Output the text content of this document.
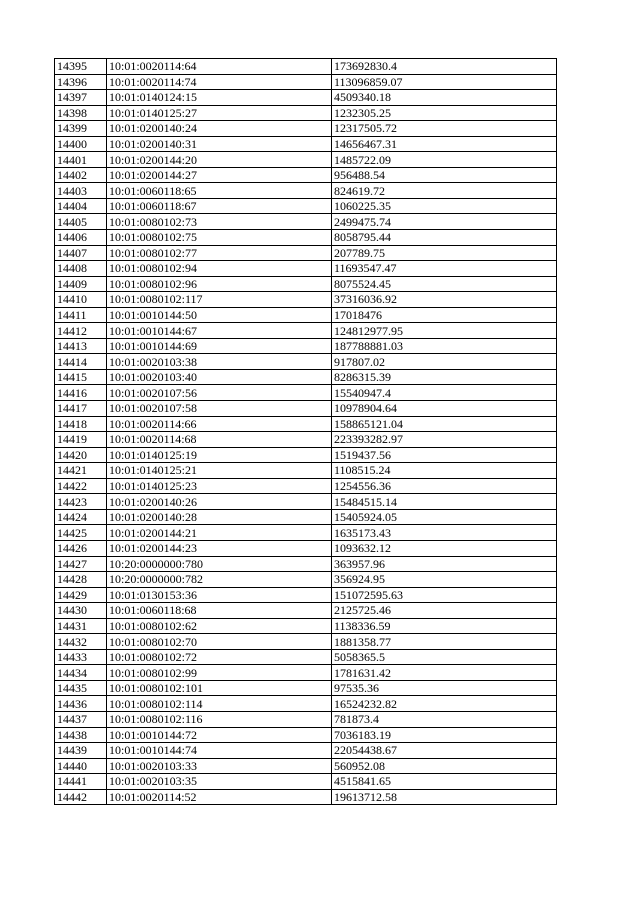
14395	10:01:0020114:64	173692830.4
14396	10:01:0020114:74	113096859.07
14397	10:01:0140124:15	4509340.18
14398	10:01:0140125:27	1232305.25
14399	10:01:0200140:24	12317505.72
14400	10:01:0200140:31	14656467.31
14401	10:01:0200144:20	1485722.09
14402	10:01:0200144:27	956488.54
14403	10:01:0060118:65	824619.72
14404	10:01:0060118:67	1060225.35
14405	10:01:0080102:73	2499475.74
14406	10:01:0080102:75	8058795.44
14407	10:01:0080102:77	207789.75
14408	10:01:0080102:94	11693547.47
14409	10:01:0080102:96	8075524.45
14410	10:01:0080102:117	37316036.92
14411	10:01:0010144:50	17018476
14412	10:01:0010144:67	124812977.95
14413	10:01:0010144:69	187788881.03
14414	10:01:0020103:38	917807.02
14415	10:01:0020103:40	8286315.39
14416	10:01:0020107:56	15540947.4
14417	10:01:0020107:58	10978904.64
14418	10:01:0020114:66	158865121.04
14419	10:01:0020114:68	223393282.97
14420	10:01:0140125:19	1519437.56
14421	10:01:0140125:21	1108515.24
14422	10:01:0140125:23	1254556.36
14423	10:01:0200140:26	15484515.14
14424	10:01:0200140:28	15405924.05
14425	10:01:0200144:21	1635173.43
14426	10:01:0200144:23	1093632.12
14427	10:20:0000000:780	363957.96
14428	10:20:0000000:782	356924.95
14429	10:01:0130153:36	151072595.63
14430	10:01:0060118:68	2125725.46
14431	10:01:0080102:62	1138336.59
14432	10:01:0080102:70	1881358.77
14433	10:01:0080102:72	5058365.5
14434	10:01:0080102:99	1781631.42
14435	10:01:0080102:101	97535.36
14436	10:01:0080102:114	16524232.82
14437	10:01:0080102:116	781873.4
14438	10:01:0010144:72	7036183.19
14439	10:01:0010144:74	22054438.67
14440	10:01:0020103:33	560952.08
14441	10:01:0020103:35	4515841.65
14442	10:01:0020114:52	19613712.58
